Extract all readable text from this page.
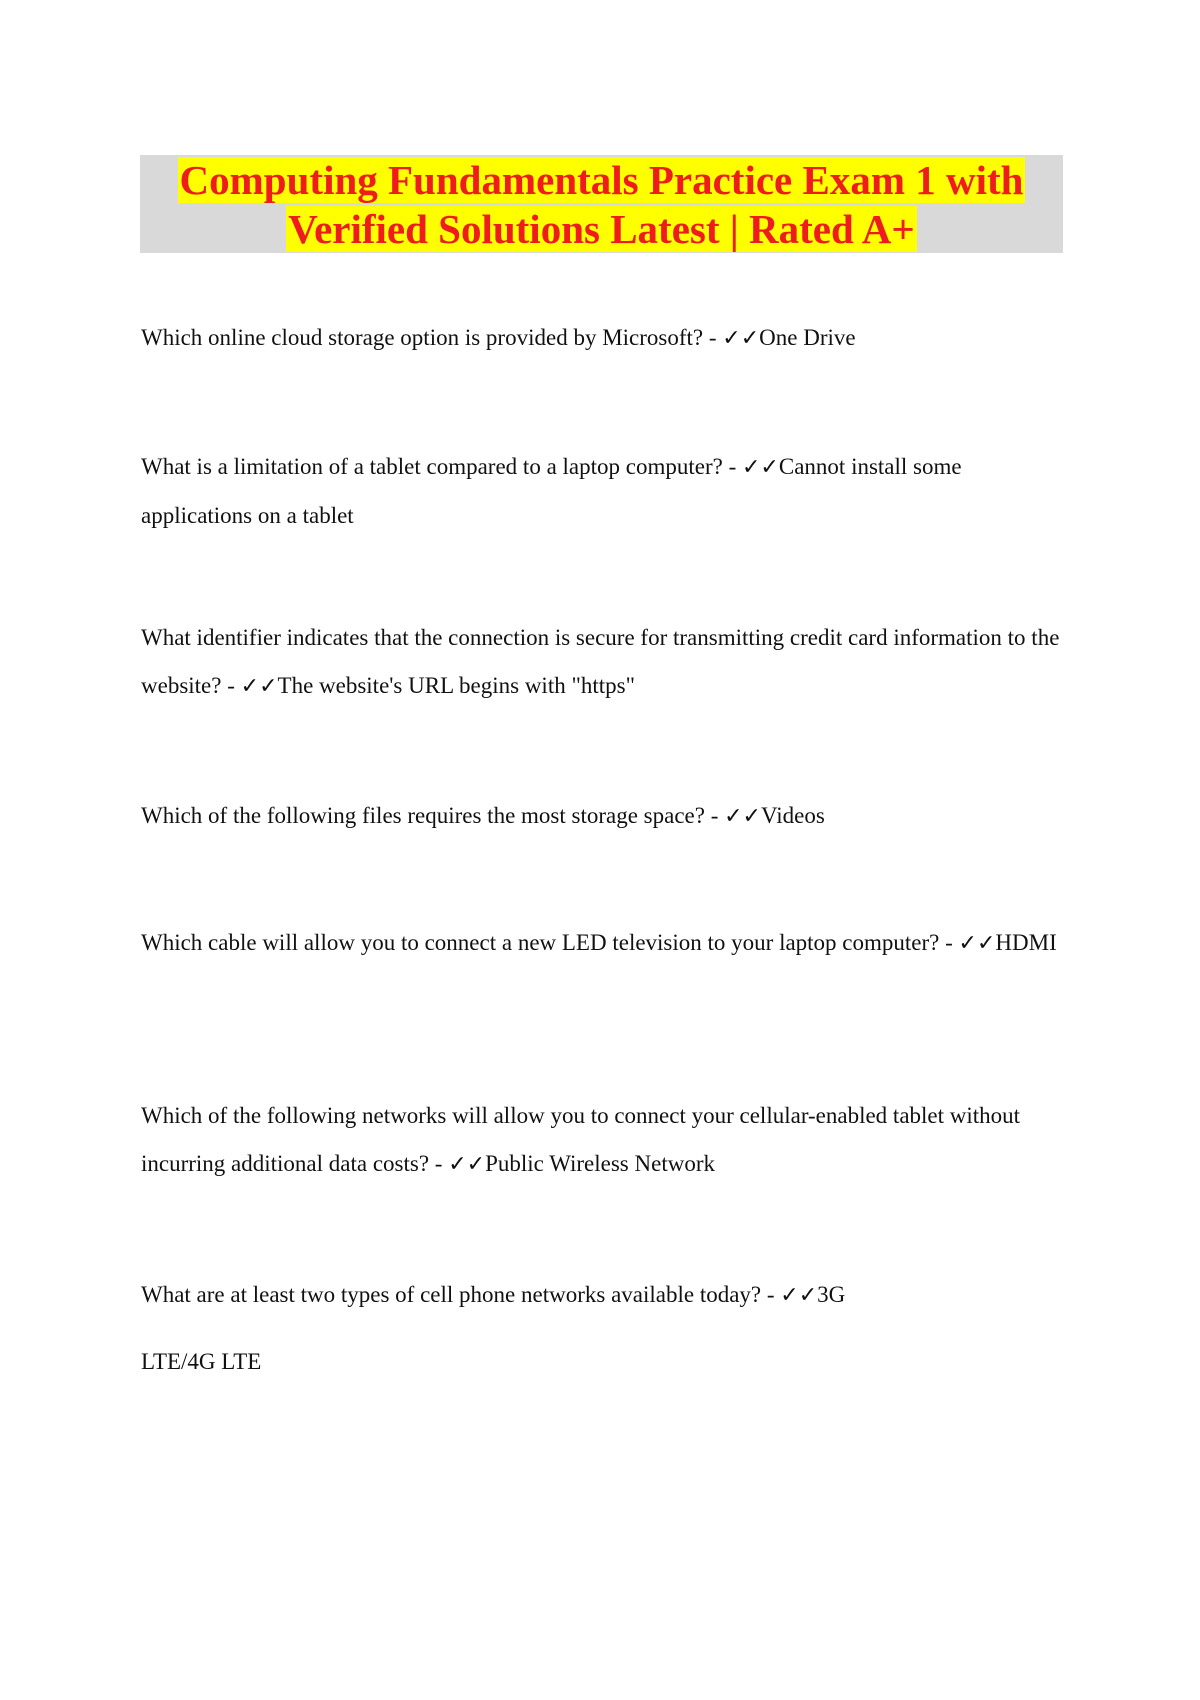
Computing Fundamentals Practice Exam 1 with
Verified Solutions Latest | Rated A+

Which online cloud storage option is provided by Microsoft? - ✓✓One Drive

What is a limitation of a tablet compared to a laptop computer? - ✓✓Cannot install some applications on a tablet

What identifier indicates that the connection is secure for transmitting credit card information to the website? - ✓✓The website's URL begins with "https"

Which of the following files requires the most storage space? - ✓✓Videos

Which cable will allow you to connect a new LED television to your laptop computer? - ✓✓HDMI

Which of the following networks will allow you to connect your cellular-enabled tablet without incurring additional data costs? - ✓✓Public Wireless Network

What are at least two types of cell phone networks available today? - ✓✓3G
LTE/4G LTE
